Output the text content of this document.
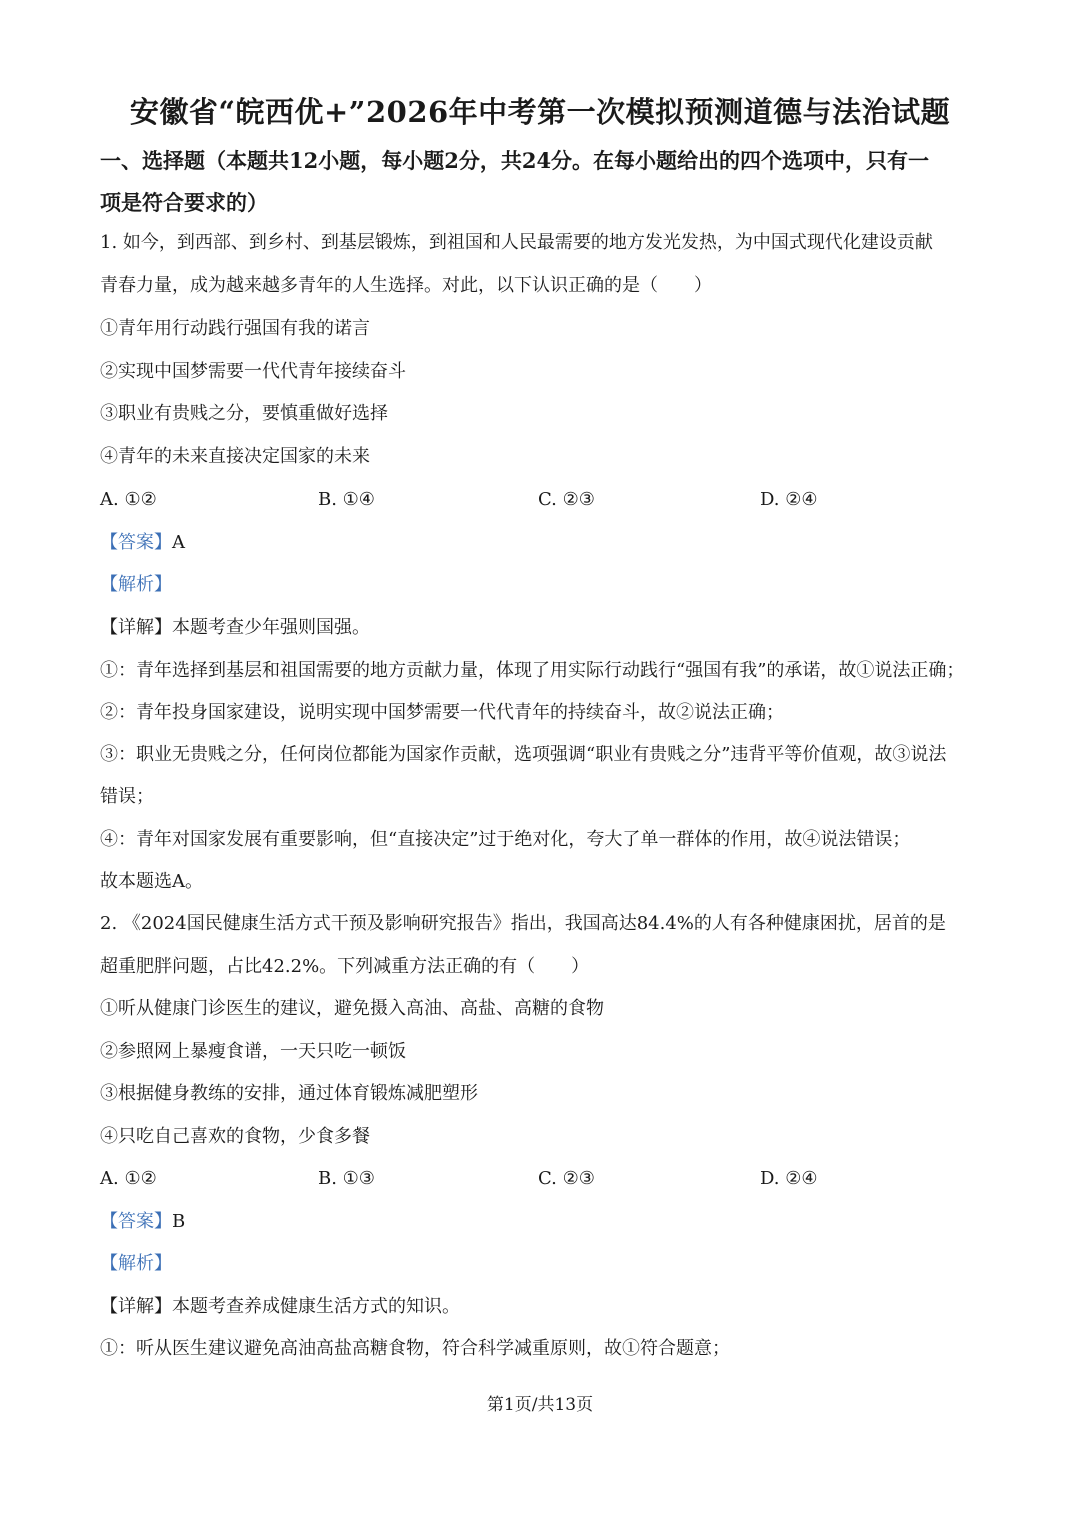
安徽省“皖西优+”2026年中考第一次模拟预测道德与法治试题
一、选择题（本题共12小题，每小题2分，共24分。在每小题给出的四个选项中，只有一
项是符合要求的）
1. 如今，到西部、到乡村、到基层锻炼，到祖国和人民最需要的地方发光发热，为中国式现代化建设贡献
青春力量，成为越来越多青年的人生选择。对此，以下认识正确的是（　　）
①青年用行动践行强国有我的诺言
②实现中国梦需要一代代青年接续奋斗
③职业有贵贱之分，要慎重做好选择
④青年的未来直接决定国家的未来
A. ①②	B. ①④	C. ②③	D. ②④
【答案】A
【解析】
【详解】本题考查少年强则国强。
①：青年选择到基层和祖国需要的地方贡献力量，体现了用实际行动践行“强国有我”的承诺，故①说法正确；
②：青年投身国家建设，说明实现中国梦需要一代代青年的持续奋斗，故②说法正确；
③：职业无贵贱之分，任何岗位都能为国家作贡献，选项强调“职业有贵贱之分”违背平等价值观，故③说法
错误；
④：青年对国家发展有重要影响，但“直接决定”过于绝对化，夸大了单一群体的作用，故④说法错误；
故本题选A。
2. 《2024国民健康生活方式干预及影响研究报告》指出，我国高达84.4%的人有各种健康困扰，居首的是
超重肥胖问题，占比42.2%。下列减重方法正确的有（　　）
①听从健康门诊医生的建议，避免摄入高油、高盐、高糖的食物
②参照网上暴瘦食谱，一天只吃一顿饭
③根据健身教练的安排，通过体育锻炼减肥塑形
④只吃自己喜欢的食物，少食多餐
A. ①②	B. ①③	C. ②③	D. ②④
【答案】B
【解析】
【详解】本题考查养成健康生活方式的知识。
①：听从医生建议避免高油高盐高糖食物，符合科学减重原则，故①符合题意；
第1页/共13页
